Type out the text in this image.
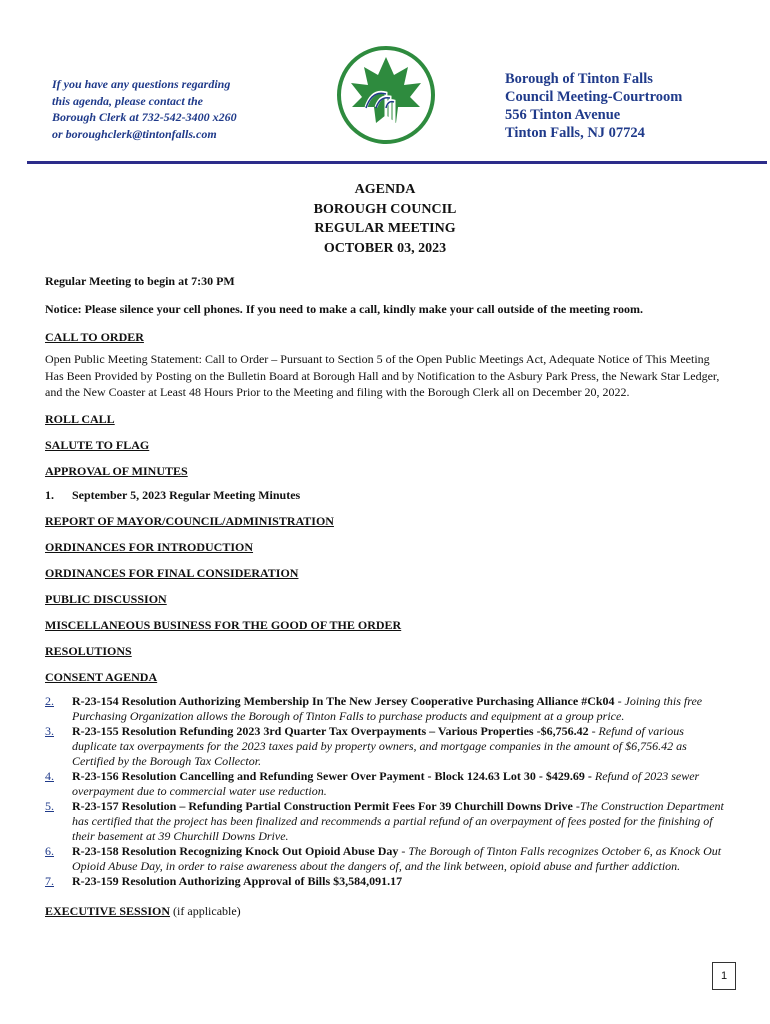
If you have any questions regarding
this agenda, please contact the
Borough Clerk at 732-542-3400 x260
or boroughclerk@tintonfalls.com
Borough of Tinton Falls
Council Meeting-Courtroom
556 Tinton Avenue
Tinton Falls, NJ 07724
AGENDA
BOROUGH COUNCIL
REGULAR MEETING
OCTOBER 03, 2023

Regular Meeting to begin at 7:30 PM

Notice: Please silence your cell phones. If you need to make a call, kindly make your call outside of the meeting room.

CALL TO ORDER

Open Public Meeting Statement: Call to Order – Pursuant to Section 5 of the Open Public Meetings Act, Adequate Notice of This Meeting Has Been Provided by Posting on the Bulletin Board at Borough Hall and by Notification to the Asbury Park Press, the Newark Star Ledger, and the New Coaster at Least 48 Hours Prior to the Meeting and filing with the Borough Clerk all on December 20, 2022.

ROLL CALL

SALUTE TO FLAG

APPROVAL OF MINUTES

1.	September 5, 2023 Regular Meeting Minutes

REPORT OF MAYOR/COUNCIL/ADMINISTRATION

ORDINANCES FOR INTRODUCTION

ORDINANCES FOR FINAL CONSIDERATION

PUBLIC DISCUSSION

MISCELLANEOUS BUSINESS FOR THE GOOD OF THE ORDER

RESOLUTIONS

CONSENT AGENDA

2.	R-23-154 Resolution Authorizing Membership In The New Jersey Cooperative Purchasing Alliance #Ck04 - Joining this free Purchasing Organization allows the Borough of Tinton Falls to purchase products and equipment at a group price.
3.	R-23-155 Resolution Refunding 2023 3rd Quarter Tax Overpayments – Various Properties -$6,756.42 - Refund of various duplicate tax overpayments for the 2023 taxes paid by property owners, and mortgage companies in the amount of $6,756.42 as Certified by the Borough Tax Collector.
4.	R-23-156 Resolution Cancelling and Refunding Sewer Over Payment - Block 124.63 Lot 30 - $429.69 - Refund of 2023 sewer overpayment due to commercial water use reduction.
5.	R-23-157 Resolution – Refunding Partial Construction Permit Fees For 39 Churchill Downs Drive -The Construction Department has certified that the project has been finalized and recommends a partial refund of an overpayment of fees posted for the finishing of their basement at 39 Churchill Downs Drive.
6.	R-23-158 Resolution Recognizing Knock Out Opioid Abuse Day - The Borough of Tinton Falls recognizes October 6, as Knock Out Opioid Abuse Day, in order to raise awareness about the dangers of, and the link between, opioid abuse and further addiction.
7.	R-23-159 Resolution Authorizing Approval of Bills $3,584,091.17

EXECUTIVE SESSION (if applicable)

1
